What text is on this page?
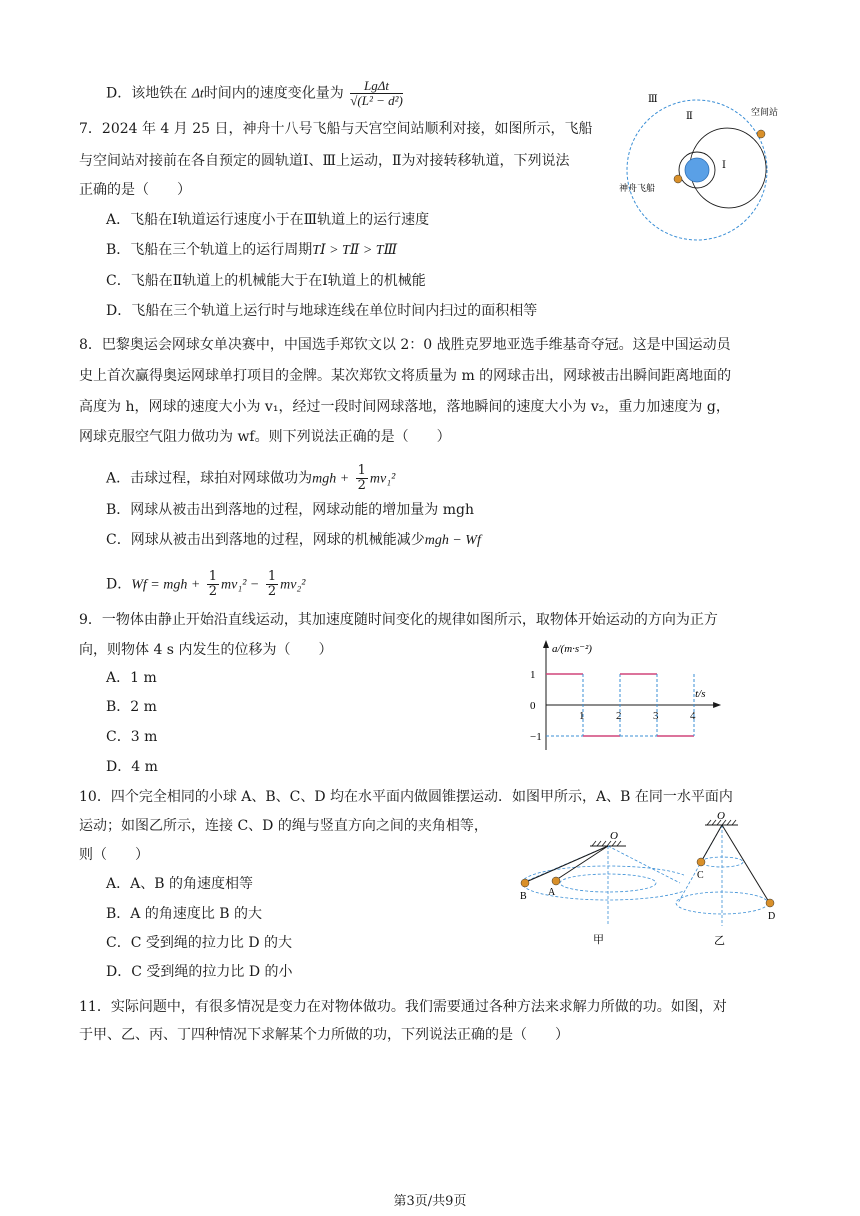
D．该地铁在 Δt时间内的速度变化量为 $\frac{\text{LgΔt}}{\text{√(L² − d²)}}$
7．2024 年 4 月 25 日，神舟十八号飞船与天宫空间站顺利对接，如图所示，飞船
与空间站对接前在各自预定的圆轨道Ⅰ、Ⅲ上运动，Ⅱ为对接转移轨道，下列说法
正确的是（　　）
A．飞船在Ⅰ轨道运行速度小于在Ⅲ轨道上的运行速度
B．飞船在三个轨道上的运行周期TⅠ > TⅡ > TⅢ
C．飞船在Ⅱ轨道上的机械能大于在Ⅰ轨道上的机械能
D．飞船在三个轨道上运行时与地球连线在单位时间内扫过的面积相等
Ⅲ
Ⅱ
Ⅰ
空间站
神舟飞船
8．巴黎奥运会网球女单决赛中，中国选手郑钦文以 2：0 战胜克罗地亚选手维基奇夺冠。这是中国运动员
史上首次赢得奥运网球单打项目的金牌。某次郑钦文将质量为 m 的网球击出，网球被击出瞬间距离地面的
高度为 h，网球的速度大小为 v₁，经过一段时间网球落地，落地瞬间的速度大小为 v₂，重力加速度为 g，
网球克服空气阻力做功为 wf。则下列说法正确的是（　　）
A．击球过程，球拍对网球做功为mgh + $\frac{1}{2} mv_1^2$
B．网球从被击出到落地的过程，网球动能的增加量为 mgh
C．网球从被击出到落地的过程，网球的机械能减少mgh − Wf
D．Wf = mgh + $\frac{1}{2} mv_1^2 - \frac{1}{2} mv_2^2$
9．一物体由静止开始沿直线运动，其加速度随时间变化的规律如图所示，取物体开始运动的方向为正方
向，则物体 4 s 内发生的位移为（　　）
A．1 m
B．2 m
C．3 m
D．4 m
a/(m·s⁻²)
t/s
1
0
−1
1	2	3	4
10．四个完全相同的小球 A、B、C、D 均在水平面内做圆锥摆运动．如图甲所示，A、B 在同一水平面内
运动；如图乙所示，连接 C、D 的绳与竖直方向之间的夹角相等，
则（　　）
A．A、B 的角速度相等
B．A 的角速度比 B 的大
C．C 受到绳的拉力比 D 的大
D．C 受到绳的拉力比 D 的小
O
B A
甲
O
C
D
乙
11．实际问题中，有很多情况是变力在对物体做功。我们需要通过各种方法来求解力所做的功。如图，对
于甲、乙、丙、丁四种情况下求解某个力所做的功，下列说法正确的是（　　）
第3页/共9页
